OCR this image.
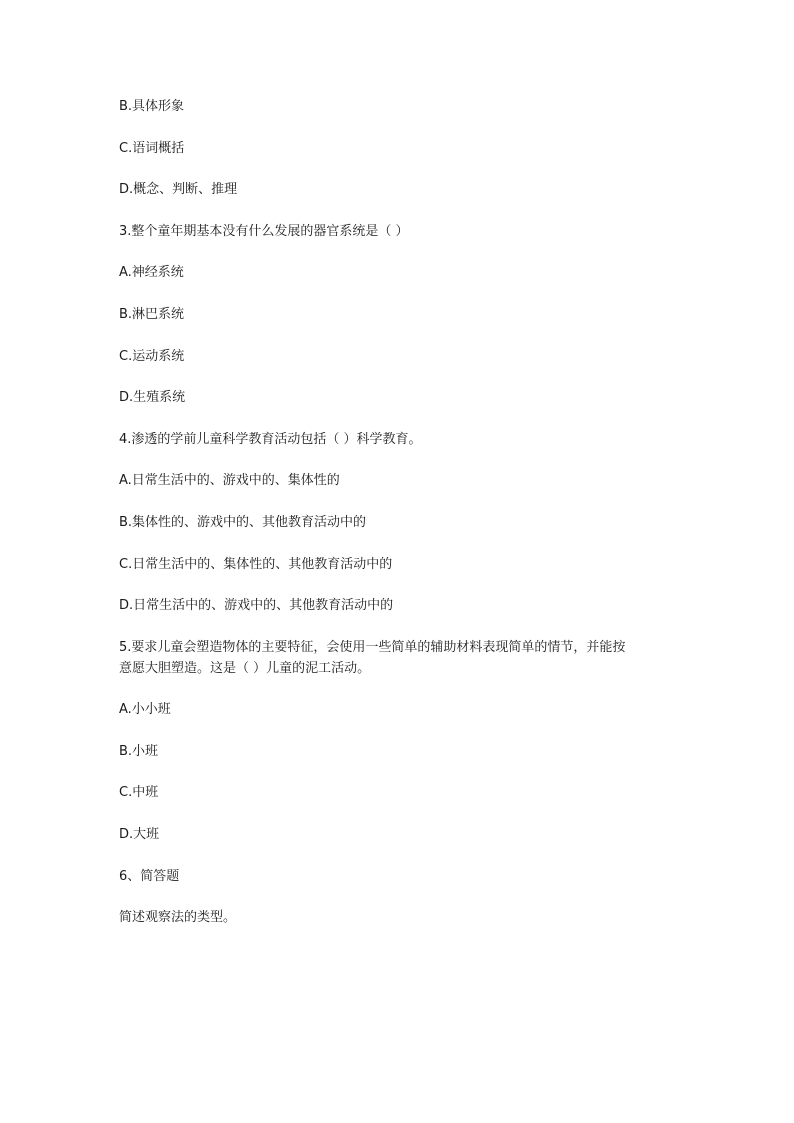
B.具体形象

C.语词概括

D.概念、判断、推理

3.整个童年期基本没有什么发展的器官系统是（ ）

A.神经系统

B.淋巴系统

C.运动系统

D.生殖系统

4.渗透的学前儿童科学教育活动包括（ ）科学教育。

A.日常生活中的、游戏中的、集体性的

B.集体性的、游戏中的、其他教育活动中的

C.日常生活中的、集体性的、其他教育活动中的

D.日常生活中的、游戏中的、其他教育活动中的

5.要求儿童会塑造物体的主要特征，会使用一些简单的辅助材料表现简单的情节，并能按

意愿大胆塑造。这是（ ）儿童的泥工活动。

A.小小班

B.小班

C.中班

D.大班

6、简答题

简述观察法的类型。
